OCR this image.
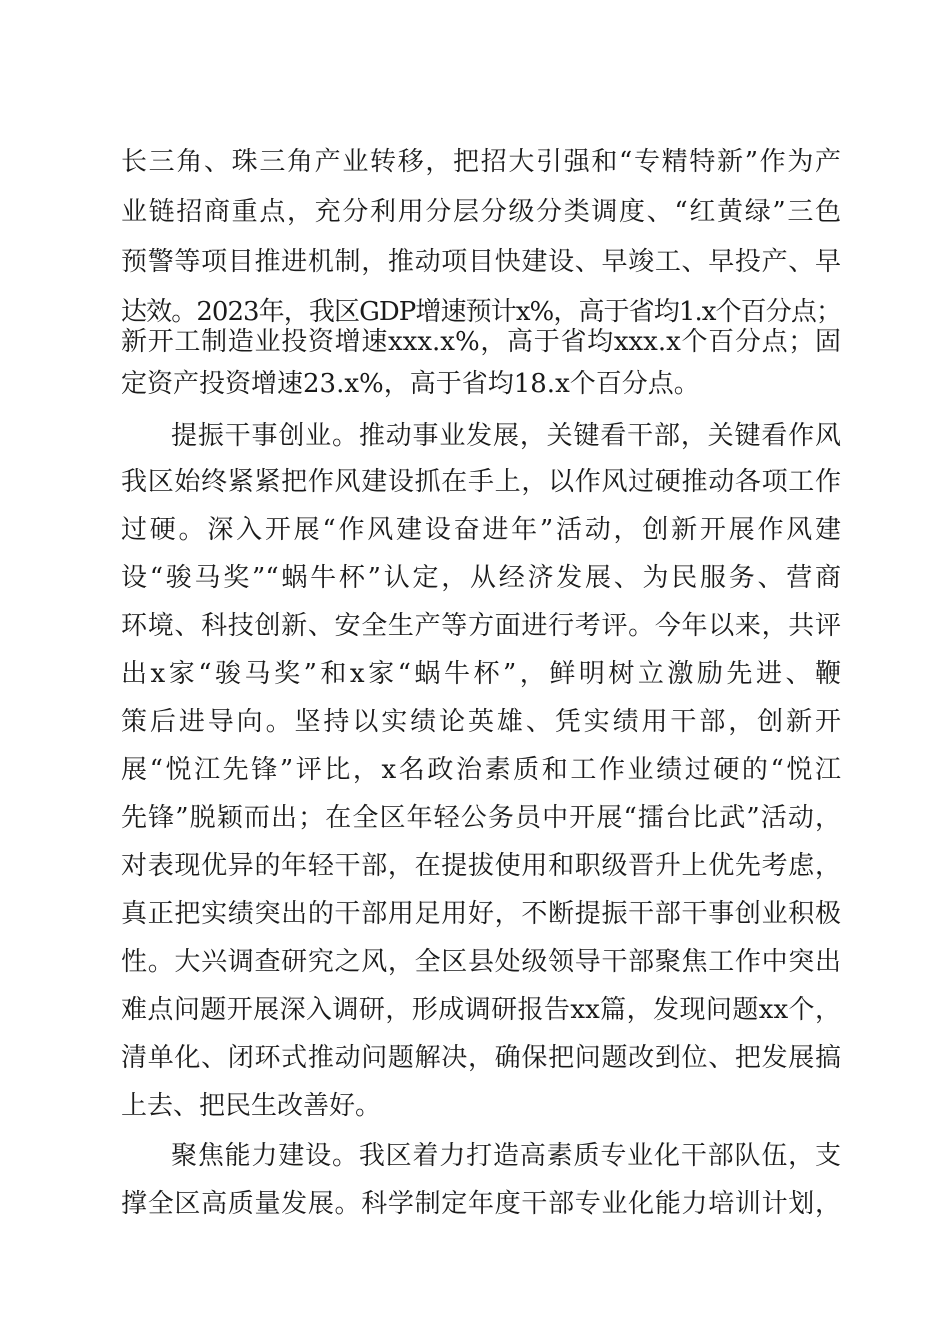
长三角、珠三角产业转移，把招大引强和“专精特新”作为产
业链招商重点，充分利用分层分级分类调度、“红黄绿”三色
预警等项目推进机制，推动项目快建设、早竣工、早投产、早
达效。2023年，我区GDP增速预计x%，高于省均1.x个百分点；
新开工制造业投资增速xxx.x%，高于省均xxx.x个百分点；固
定资产投资增速23.x%，高于省均18.x个百分点。
提振干事创业。推动事业发展，关键看干部，关键看作风
我区始终紧紧把作风建设抓在手上，以作风过硬推动各项工作
过硬。深入开展“作风建设奋进年”活动，创新开展作风建
设“骏马奖”“蜗牛杯”认定，从经济发展、为民服务、营商
环境、科技创新、安全生产等方面进行考评。今年以来，共评
出x家“骏马奖”和x家“蜗牛杯”，鲜明树立激励先进、鞭
策后进导向。坚持以实绩论英雄、凭实绩用干部，创新开
展“悦江先锋”评比，x名政治素质和工作业绩过硬的“悦江
先锋”脱颖而出；在全区年轻公务员中开展“擂台比武”活动，
对表现优异的年轻干部，在提拔使用和职级晋升上优先考虑，
真正把实绩突出的干部用足用好，不断提振干部干事创业积极
性。大兴调查研究之风，全区县处级领导干部聚焦工作中突出
难点问题开展深入调研，形成调研报告xx篇，发现问题xx个，
清单化、闭环式推动问题解决，确保把问题改到位、把发展搞
上去、把民生改善好。
聚焦能力建设。我区着力打造高素质专业化干部队伍，支
撑全区高质量发展。科学制定年度干部专业化能力培训计划，
